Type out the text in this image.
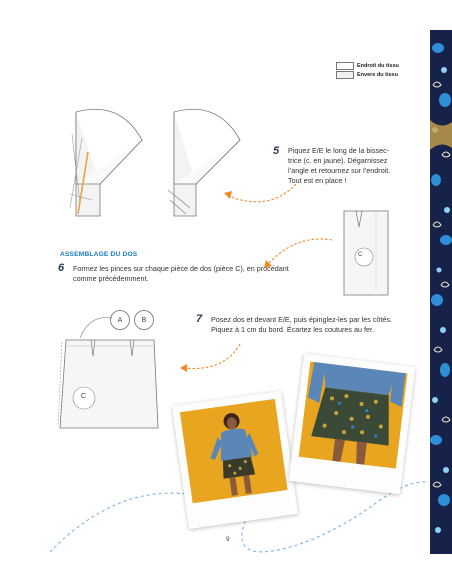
Endroit du tissu
Envers du tissu
5 Piquez E/E le long de la bissec-
trice (c. en jaune). Dégarnissez
l’angle et retournez sur l’endroit.
Tout est en place !
C
ASSEMBLAGE DU DOS
6 Formez les pinces sur chaque pièce de dos (pièce C), en procédant
comme précédemment.
A	B
C
7 Posez dos et devant E/E, puis épinglez-les par les côtés.
Piquez à 1 cm du bord. Écartez les coutures au fer.
9
